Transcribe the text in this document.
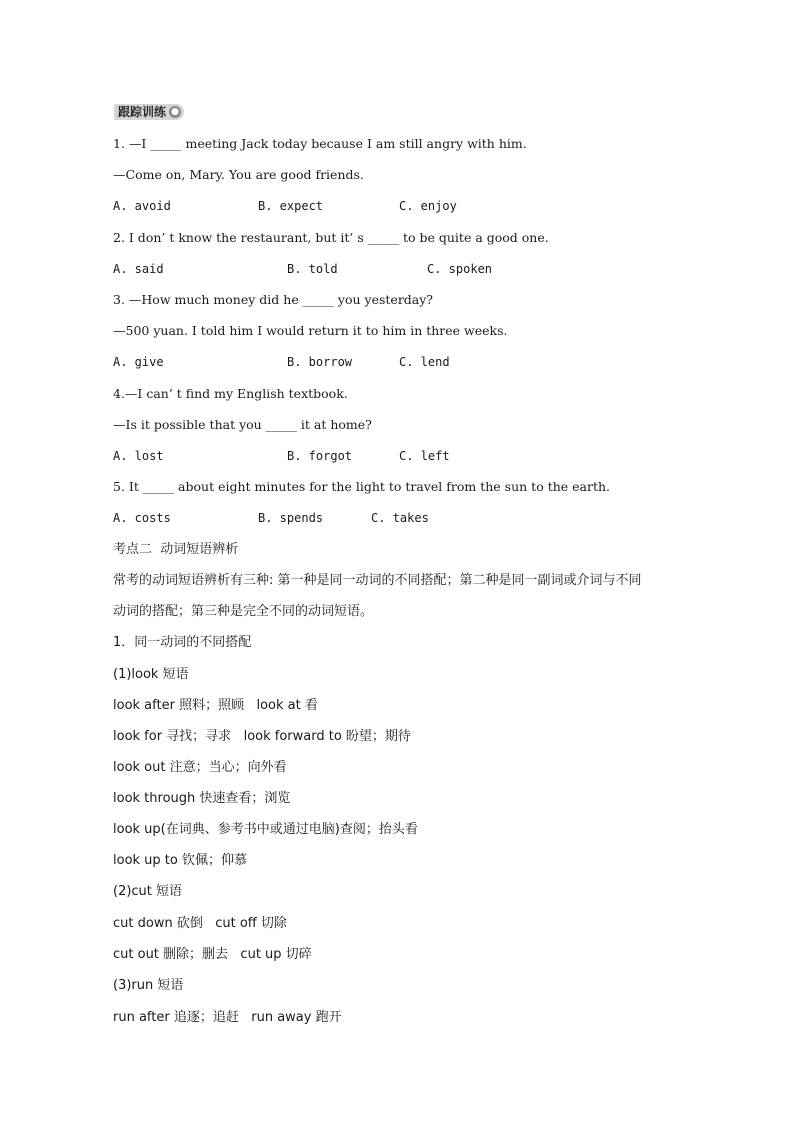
跟踪训练 ●
1. —I _____ meeting Jack today because I am still angry with him.
—Come on, Mary. You are good friends.
A. avoid	B. expect	C. enjoy
2. I don’ t know the restaurant, but it’ s _____ to be quite a good one.
A. said	B. told	C. spoken
3. —How much money did he _____ you yesterday?
—500 yuan. I told him I would return it to him in three weeks.
A. give	B. borrow	C. lend
4.—I can’ t find my English textbook.
—Is it possible that you _____ it at home?
A. lost	B. forgot	C. left
5. It _____ about eight minutes for the light to travel from the sun to the earth.
A. costs	B. spends	C. takes
考点二  动词短语辨析
常考的动词短语辨析有三种: 第一种是同一动词的不同搭配；第二种是同一副词或介词与不同
动词的搭配；第三种是完全不同的动词短语。
1．同一动词的不同搭配
(1)look 短语
look after 照料；照顾   look at 看
look for 寻找；寻求   look forward to 盼望；期待
look out 注意；当心；向外看
look through 快速查看；浏览
look up(在词典、参考书中或通过电脑)查阅；抬头看
look up to 钦佩；仰慕
(2)cut 短语
cut down 砍倒   cut off 切除
cut out 删除；删去   cut up 切碎
(3)run 短语
run after 追逐；追赶   run away 跑开
